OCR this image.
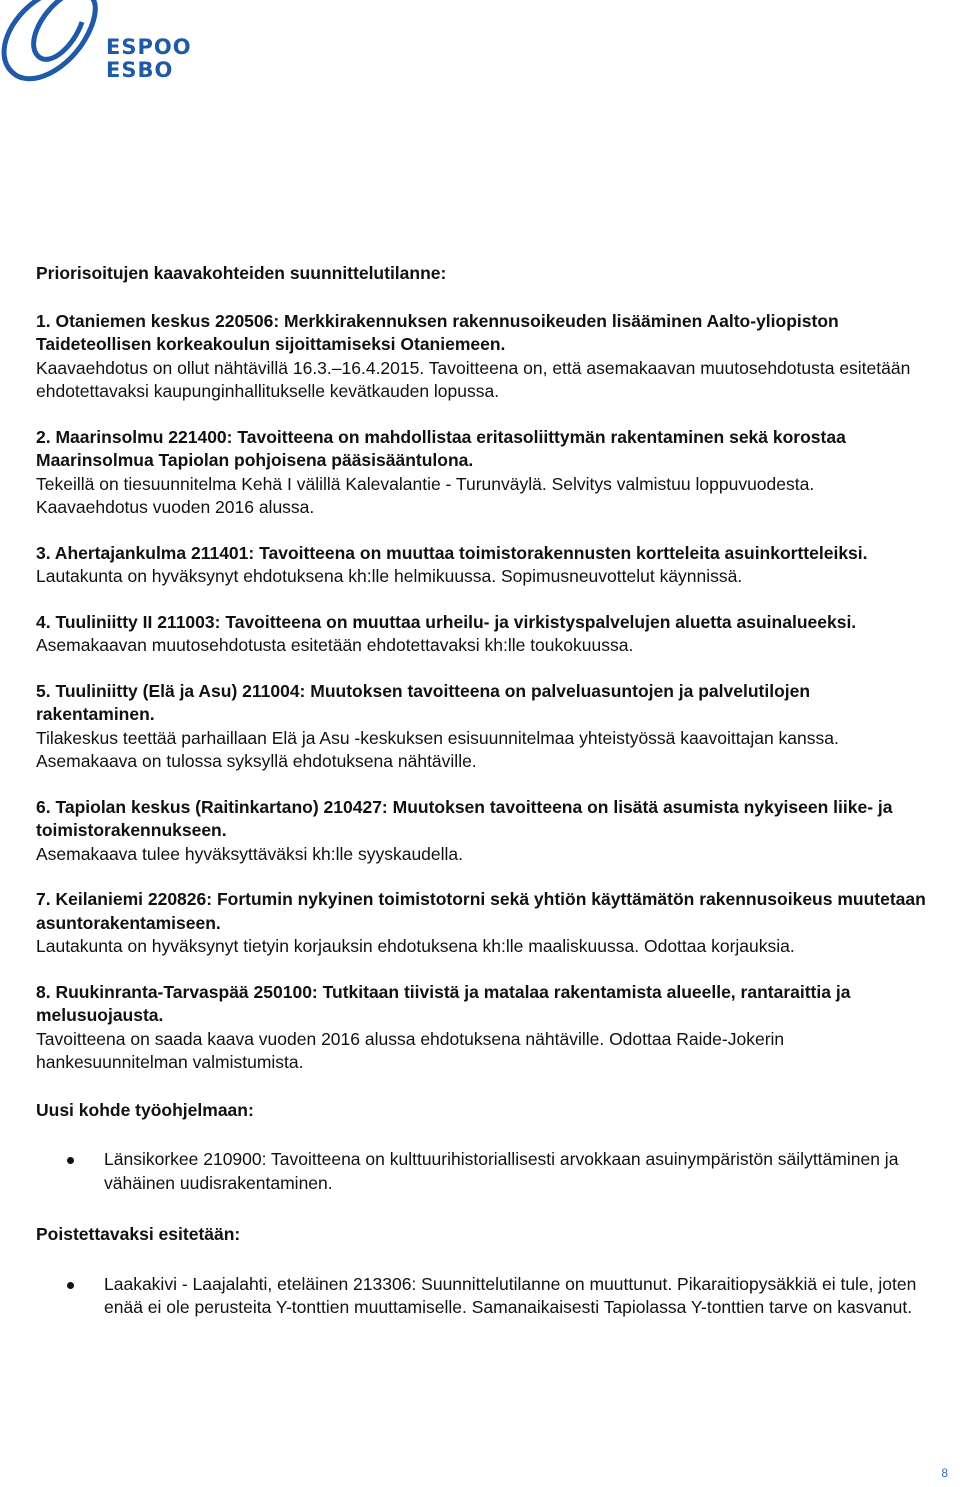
ESPOO
ESBO

Priorisoitujen kaavakohteiden suunnittelutilanne:

1. Otaniemen keskus 220506: Merkkirakennuksen rakennusoikeuden lisääminen Aalto-yliopiston Taideteollisen korkeakoulun sijoittamiseksi Otaniemeen.

Kaavaehdotus on ollut nähtävillä 16.3.–16.4.2015. Tavoitteena on, että asemakaavan muutosehdotusta esitetään ehdotettavaksi kaupunginhallitukselle kevätkauden lopussa.

2. Maarinsolmu 221400: Tavoitteena on mahdollistaa eritasoliittymän rakentaminen sekä korostaa Maarinsolmua Tapiolan pohjoisena pääsisääntulona.

Tekeillä on tiesuunnitelma Kehä I välillä Kalevalantie - Turunväylä. Selvitys valmistuu loppuvuodesta. Kaavaehdotus vuoden 2016 alussa.

3. Ahertajankulma 211401: Tavoitteena on muuttaa toimistorakennusten kortteleita asuinkortteleiksi.

Lautakunta on hyväksynyt ehdotuksena kh:lle helmikuussa. Sopimusneuvottelut käynnissä.

4. Tuuliniitty II 211003: Tavoitteena on muuttaa urheilu- ja virkistyspalvelujen aluetta asuinalueeksi.

Asemakaavan muutosehdotusta esitetään ehdotettavaksi kh:lle toukokuussa.

5. Tuuliniitty (Elä ja Asu) 211004: Muutoksen tavoitteena on palveluasuntojen ja palvelutilojen rakentaminen.

Tilakeskus teettää parhaillaan Elä ja Asu -keskuksen esisuunnitelmaa yhteistyössä kaavoittajan kanssa. Asemakaava on tulossa syksyllä ehdotuksena nähtäville.

6. Tapiolan keskus (Raitinkartano) 210427: Muutoksen tavoitteena on lisätä asumista nykyiseen liike- ja toimistorakennukseen.

Asemakaava tulee hyväksyttäväksi kh:lle syyskaudella.

7. Keilaniemi 220826: Fortumin nykyinen toimistotorni sekä yhtiön käyttämätön rakennusoikeus muutetaan asuntorakentamiseen.

Lautakunta on hyväksynyt tietyin korjauksin ehdotuksena kh:lle maaliskuussa. Odottaa korjauksia.

8. Ruukinranta-Tarvaspää 250100: Tutkitaan tiivistä ja matalaa rakentamista alueelle, rantaraittia ja melusuojausta.

Tavoitteena on saada kaava vuoden 2016 alussa ehdotuksena nähtäville. Odottaa Raide-Jokerin hankesuunnitelman valmistumista.

Uusi kohde työohjelmaan:

Länsikorkee 210900: Tavoitteena on kulttuurihistoriallisesti arvokkaan asuinympäristön säilyttäminen ja vähäinen uudisrakentaminen.

Poistettavaksi esitetään:

Laakakivi - Laajalahti, eteläinen 213306: Suunnittelutilanne on muuttunut. Pikaraitiopysäkkiä ei tule, joten enää ei ole perusteita Y-tonttien muuttamiselle. Samanaikaisesti Tapiolassa Y-tonttien tarve on kasvanut.
8
